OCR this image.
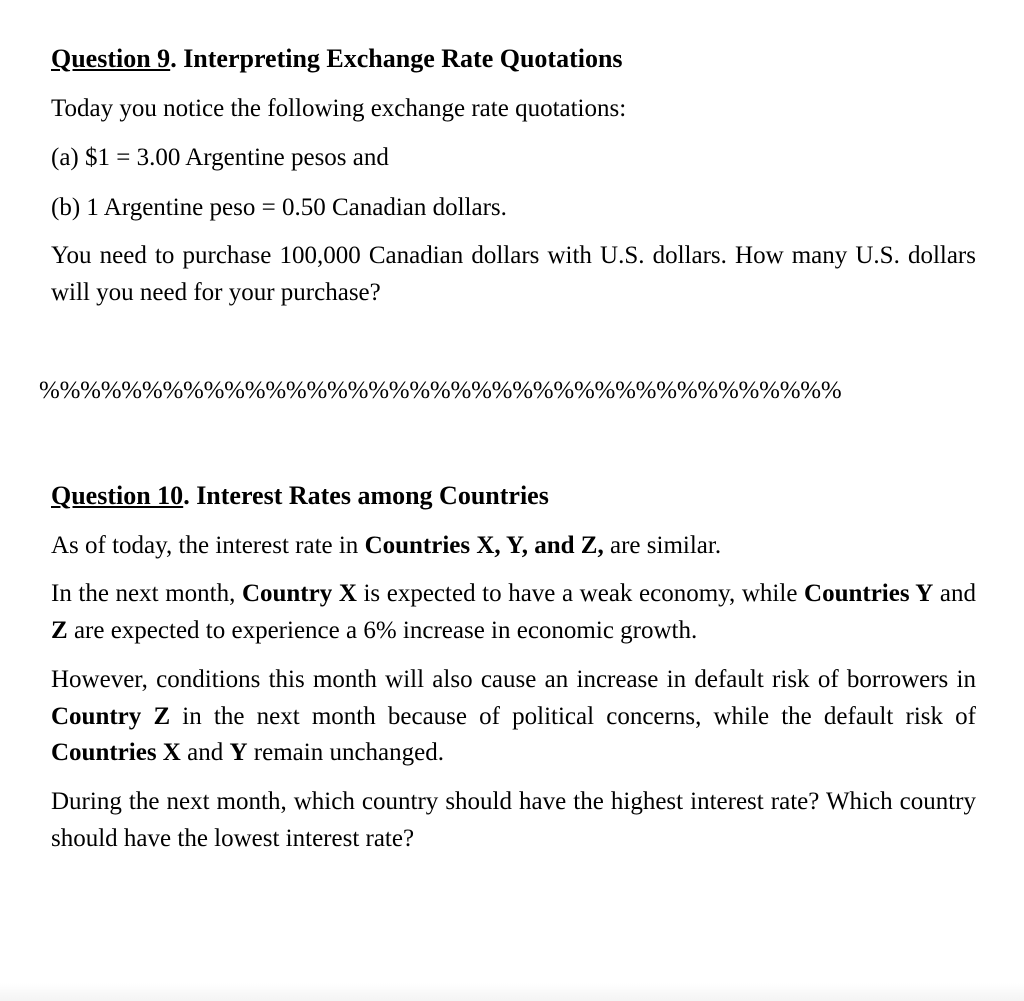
Question 9. Interpreting Exchange Rate Quotations

Today you notice the following exchange rate quotations:

(a) $1 = 3.00 Argentine pesos and

(b) 1 Argentine peso = 0.50 Canadian dollars.

You need to purchase 100,000 Canadian dollars with U.S. dollars. How many U.S. dollars will you need for your purchase?

%%%%%%%%%%%%%%%%%%%%%%%%%%%%%%%%%%%%%%%
Question 10. Interest Rates among Countries

As of today, the interest rate in Countries X, Y, and Z, are similar.

In the next month, Country X is expected to have a weak economy, while Countries Y and Z are expected to experience a 6% increase in economic growth.

However, conditions this month will also cause an increase in default risk of borrowers in Country Z in the next month because of political concerns, while the default risk of Countries X and Y remain unchanged.

During the next month, which country should have the highest interest rate? Which country should have the lowest interest rate?
